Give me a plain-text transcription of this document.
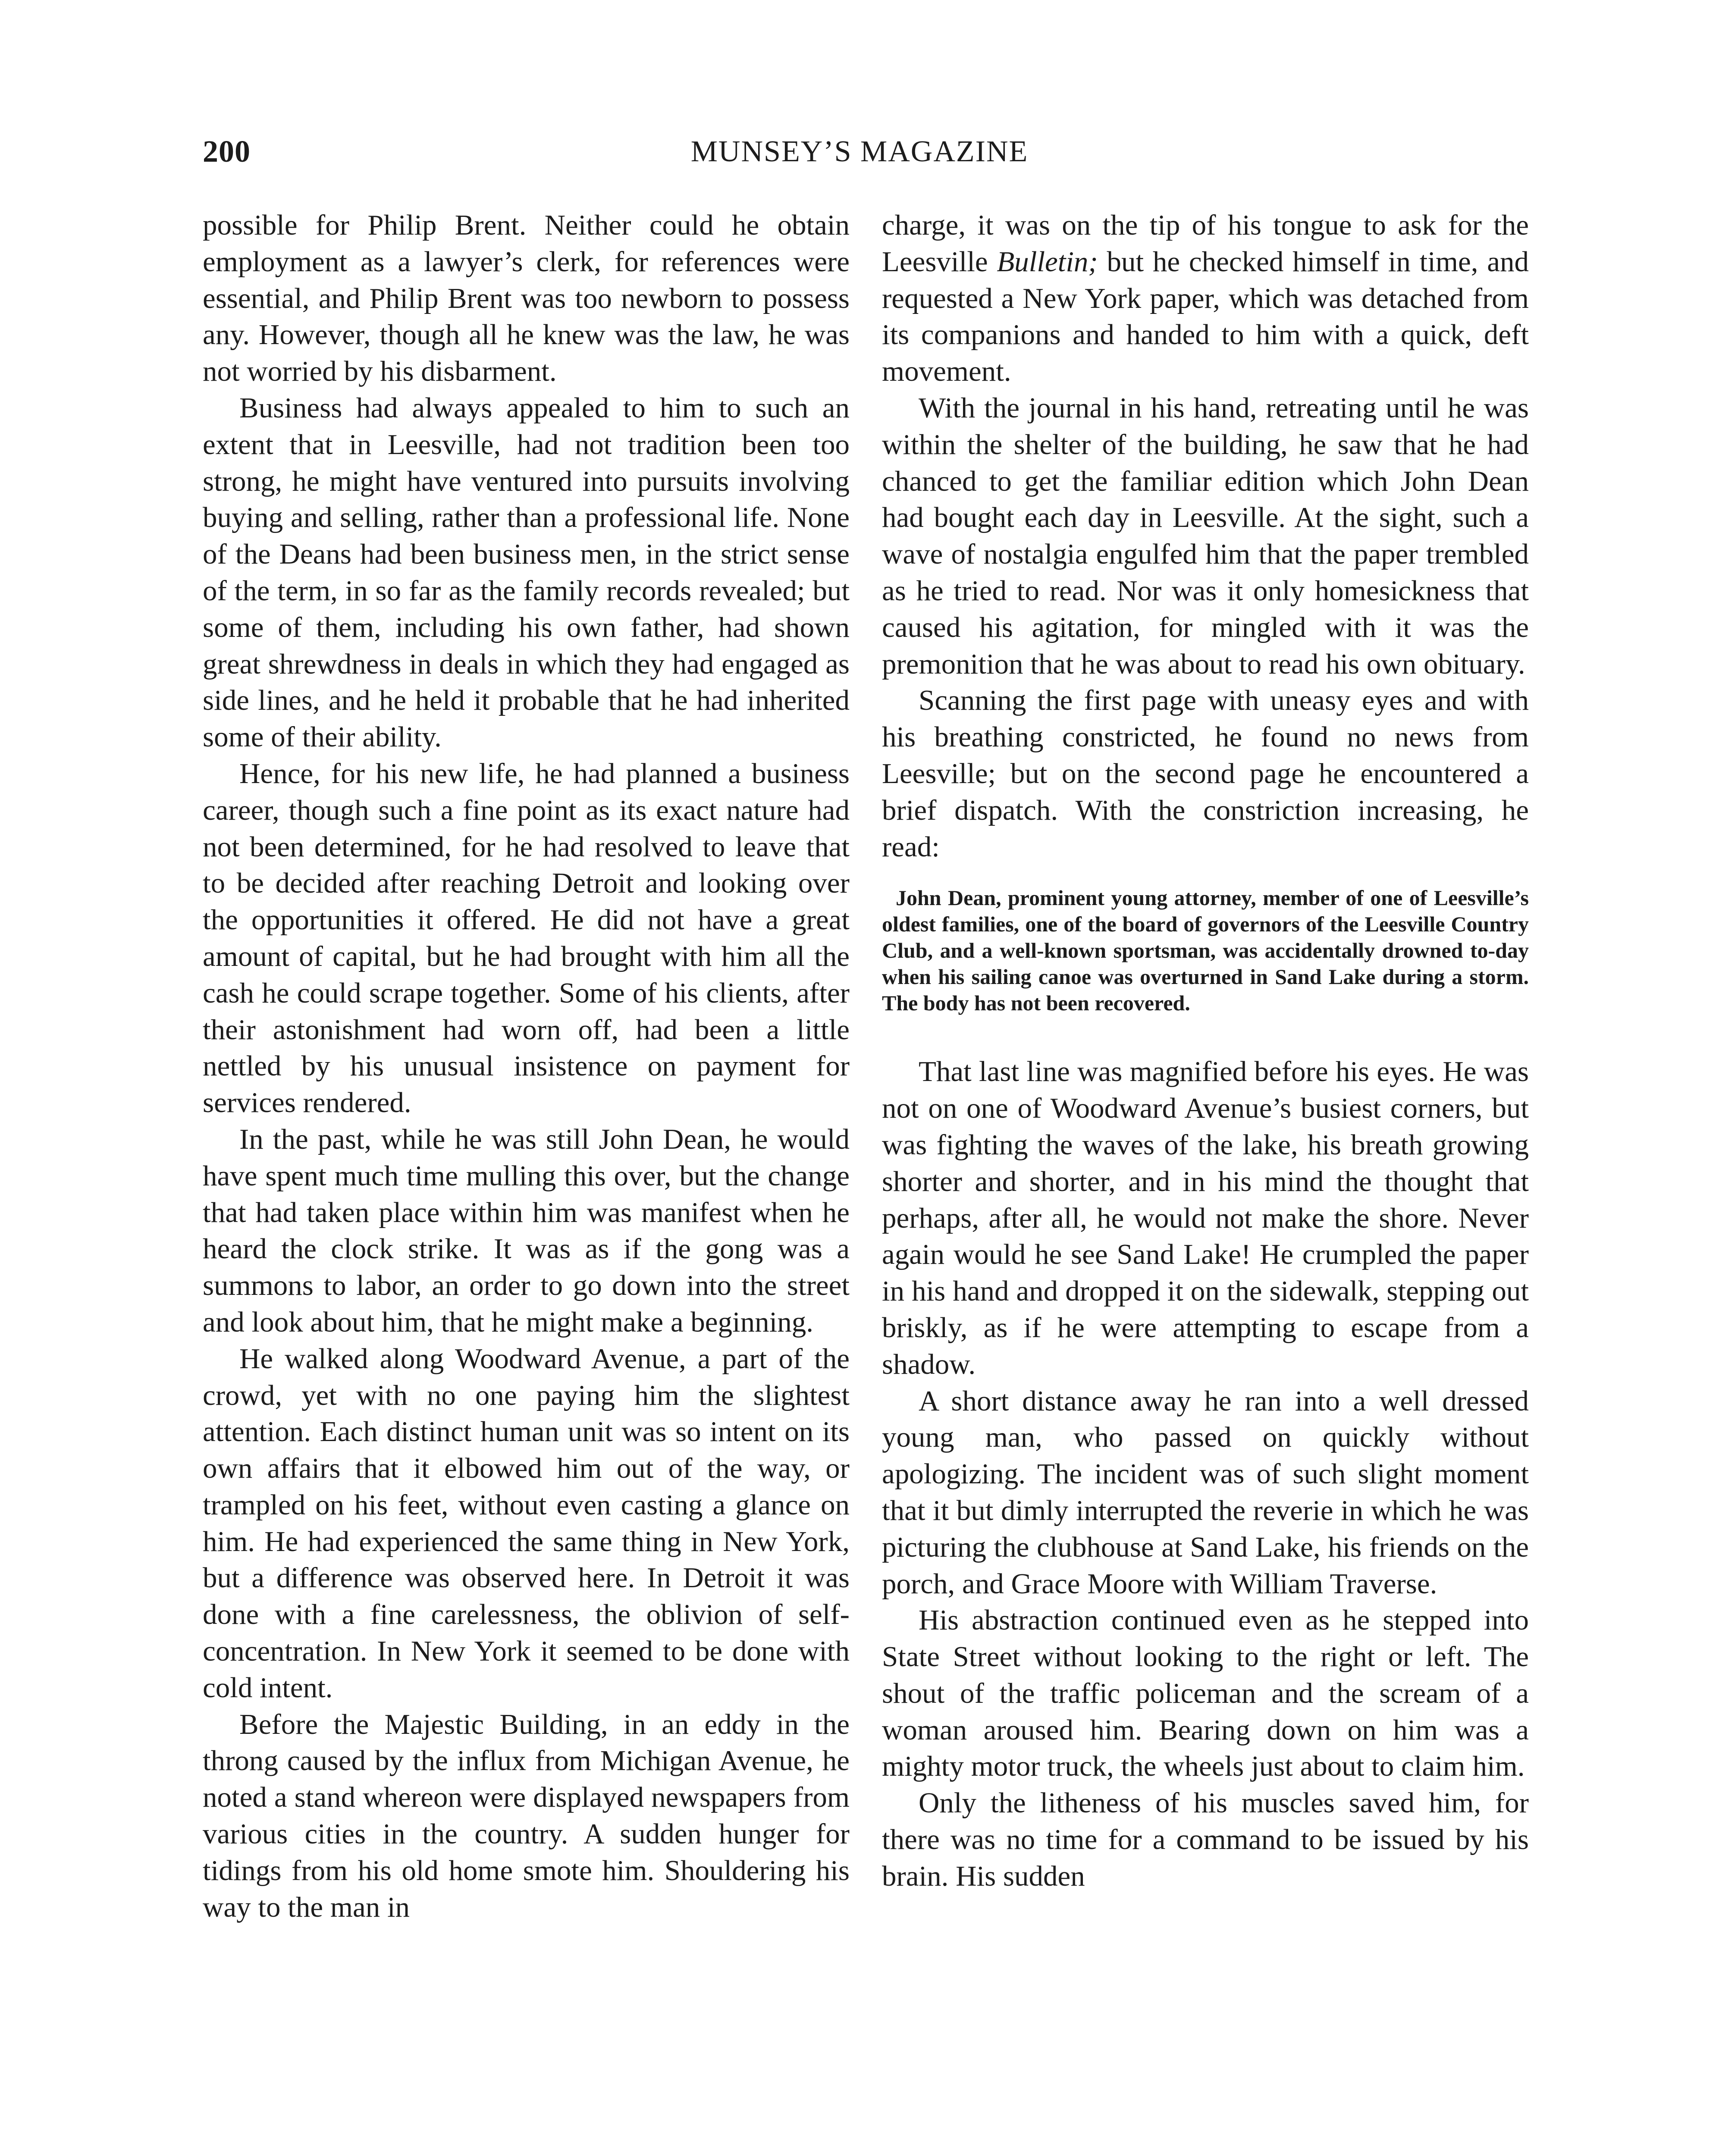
200	MUNSEY’S MAGAZINE

possible for Philip Brent. Neither could he obtain employment as a lawyer’s clerk, for references were essential, and Philip Brent was too newborn to possess any. However, though all he knew was the law, he was not worried by his disbarment.

Business had always appealed to him to such an extent that in Leesville, had not tradition been too strong, he might have ventured into pursuits involving buying and selling, rather than a professional life. None of the Deans had been business men, in the strict sense of the term, in so far as the family records revealed; but some of them, including his own father, had shown great shrewdness in deals in which they had engaged as side lines, and he held it probable that he had inherited some of their ability.

Hence, for his new life, he had planned a business career, though such a fine point as its exact nature had not been determined, for he had resolved to leave that to be decided after reaching Detroit and looking over the opportunities it offered. He did not have a great amount of capital, but he had brought with him all the cash he could scrape together. Some of his clients, after their astonishment had worn off, had been a little nettled by his unusual insistence on payment for services rendered.

In the past, while he was still John Dean, he would have spent much time mulling this over, but the change that had taken place within him was manifest when he heard the clock strike. It was as if the gong was a summons to labor, an order to go down into the street and look about him, that he might make a beginning.

He walked along Woodward Avenue, a part of the crowd, yet with no one paying him the slightest attention. Each distinct human unit was so intent on its own affairs that it elbowed him out of the way, or trampled on his feet, without even casting a glance on him. He had experienced the same thing in New York, but a difference was observed here. In Detroit it was done with a fine carelessness, the oblivion of self-concentration. In New York it seemed to be done with cold intent.

Before the Majestic Building, in an eddy in the throng caused by the influx from Michigan Avenue, he noted a stand whereon were displayed newspapers from various cities in the country. A sudden hunger for tidings from his old home smote him. Shouldering his way to the man in

charge, it was on the tip of his tongue to ask for the Leesville Bulletin; but he checked himself in time, and requested a New York paper, which was detached from its companions and handed to him with a quick, deft movement.

With the journal in his hand, retreating until he was within the shelter of the building, he saw that he had chanced to get the familiar edition which John Dean had bought each day in Leesville. At the sight, such a wave of nostalgia engulfed him that the paper trembled as he tried to read. Nor was it only homesickness that caused his agitation, for mingled with it was the premonition that he was about to read his own obituary.

Scanning the first page with uneasy eyes and with his breathing constricted, he found no news from Leesville; but on the second page he encountered a brief dispatch. With the constriction increasing, he read:

John Dean, prominent young attorney, member of one of Leesville’s oldest families, one of the board of governors of the Leesville Country Club, and a well-known sportsman, was accidentally drowned to-day when his sailing canoe was overturned in Sand Lake during a storm. The body has not been recovered.

That last line was magnified before his eyes. He was not on one of Woodward Avenue’s busiest corners, but was fighting the waves of the lake, his breath growing shorter and shorter, and in his mind the thought that perhaps, after all, he would not make the shore. Never again would he see Sand Lake! He crumpled the paper in his hand and dropped it on the sidewalk, stepping out briskly, as if he were attempting to escape from a shadow.

A short distance away he ran into a well dressed young man, who passed on quickly without apologizing. The incident was of such slight moment that it but dimly interrupted the reverie in which he was picturing the clubhouse at Sand Lake, his friends on the porch, and Grace Moore with William Traverse.

His abstraction continued even as he stepped into State Street without looking to the right or left. The shout of the traffic policeman and the scream of a woman aroused him. Bearing down on him was a mighty motor truck, the wheels just about to claim him.

Only the litheness of his muscles saved him, for there was no time for a command to be issued by his brain. His sudden
